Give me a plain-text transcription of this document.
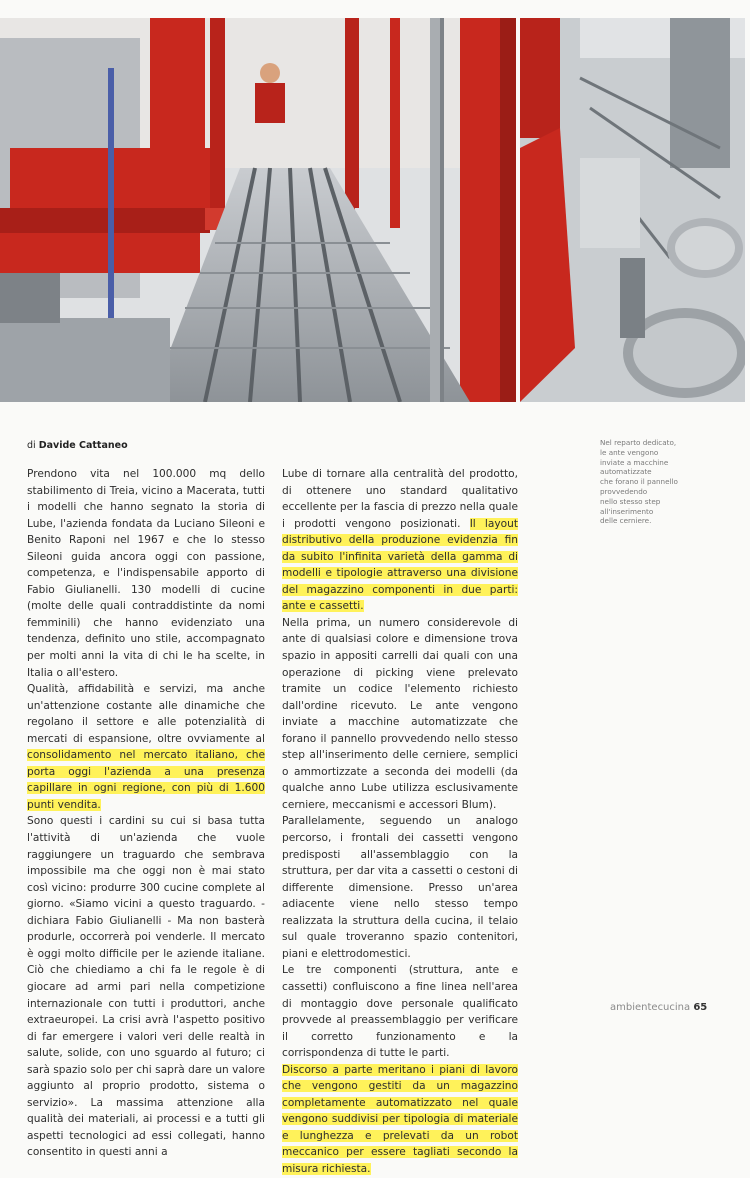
di Davide Cattaneo

Prendono vita nel 100.000 mq dello stabilimento di Treia, vicino a Macerata, tutti i modelli che hanno segnato la storia di Lube, l'azienda fondata da Luciano Sileoni e Benito Raponi nel 1967 e che lo stesso Sileoni guida ancora oggi con passione, competenza, e l'indispensabile apporto di Fabio Giulianelli. 130 modelli di cucine (molte delle quali contraddistinte da nomi femminili) che hanno evidenziato una tendenza, definito uno stile, accompagnato per molti anni la vita di chi le ha scelte, in Italia o all'estero.

Qualità, affidabilità e servizi, ma anche un'attenzione costante alle dinamiche che regolano il settore e alle potenzialità di mercati di espansione, oltre ovviamente al consolidamento nel mercato italiano, che porta oggi l'azienda a una presenza capillare in ogni regione, con più di 1.600 punti vendita.

Sono questi i cardini su cui si basa tutta l'attività di un'azienda che vuole raggiungere un traguardo che sembrava impossibile ma che oggi non è mai stato così vicino: produrre 300 cucine complete al giorno. «Siamo vicini a questo traguardo. - dichiara Fabio Giulianelli - Ma non basterà produrle, occorrerà poi venderle. Il mercato è oggi molto difficile per le aziende italiane. Ciò che chiediamo a chi fa le regole è di giocare ad armi pari nella competizione internazionale con tutti i produttori, anche extraeuropei. La crisi avrà l'aspetto positivo di far emergere i valori veri delle realtà in salute, solide, con uno sguardo al futuro; ci sarà spazio solo per chi saprà dare un valore aggiunto al proprio prodotto, sistema o servizio». La massima attenzione alla qualità dei materiali, ai processi e a tutti gli aspetti tecnologici ad essi collegati, hanno consentito in questi anni a

Lube di tornare alla centralità del prodotto, di ottenere uno standard qualitativo eccellente per la fascia di prezzo nella quale i prodotti vengono posizionati. Il layout distributivo della produzione evidenzia fin da subito l'infinita varietà della gamma di modelli e tipologie attraverso una divisione del magazzino componenti in due parti: ante e cassetti.

Nella prima, un numero considerevole di ante di qualsiasi colore e dimensione trova spazio in appositi carrelli dai quali con una operazione di picking viene prelevato tramite un codice l'elemento richiesto dall'ordine ricevuto. Le ante vengono inviate a macchine automatizzate che forano il pannello provvedendo nello stesso step all'inserimento delle cerniere, semplici o ammortizzate a seconda dei modelli (da qualche anno Lube utilizza esclusivamente cerniere, meccanismi e accessori Blum).

Parallelamente, seguendo un analogo percorso, i frontali dei cassetti vengono predisposti all'assemblaggio con la struttura, per dar vita a cassetti o cestoni di differente dimensione. Presso un'area adiacente viene nello stesso tempo realizzata la struttura della cucina, il telaio sul quale troveranno spazio contenitori, piani e elettrodomestici.

Le tre componenti (struttura, ante e cassetti) confluiscono a fine linea nell'area di montaggio dove personale qualificato provvede al preassemblaggio per verificare il corretto funzionamento e la corrispondenza di tutte le parti.

Discorso a parte meritano i piani di lavoro che vengono gestiti da un magazzino completamente automatizzato nel quale vengono suddivisi per tipologia di materiale e lunghezza e prelevati da un robot meccanico per essere tagliati secondo la misura richiesta.

Nel reparto dedicato,
le ante vengono
inviate a macchine
automatizzate
che forano il pannello
provvedendo
nello stesso step
all'inserimento
delle cerniere.
ambientecucina 65
